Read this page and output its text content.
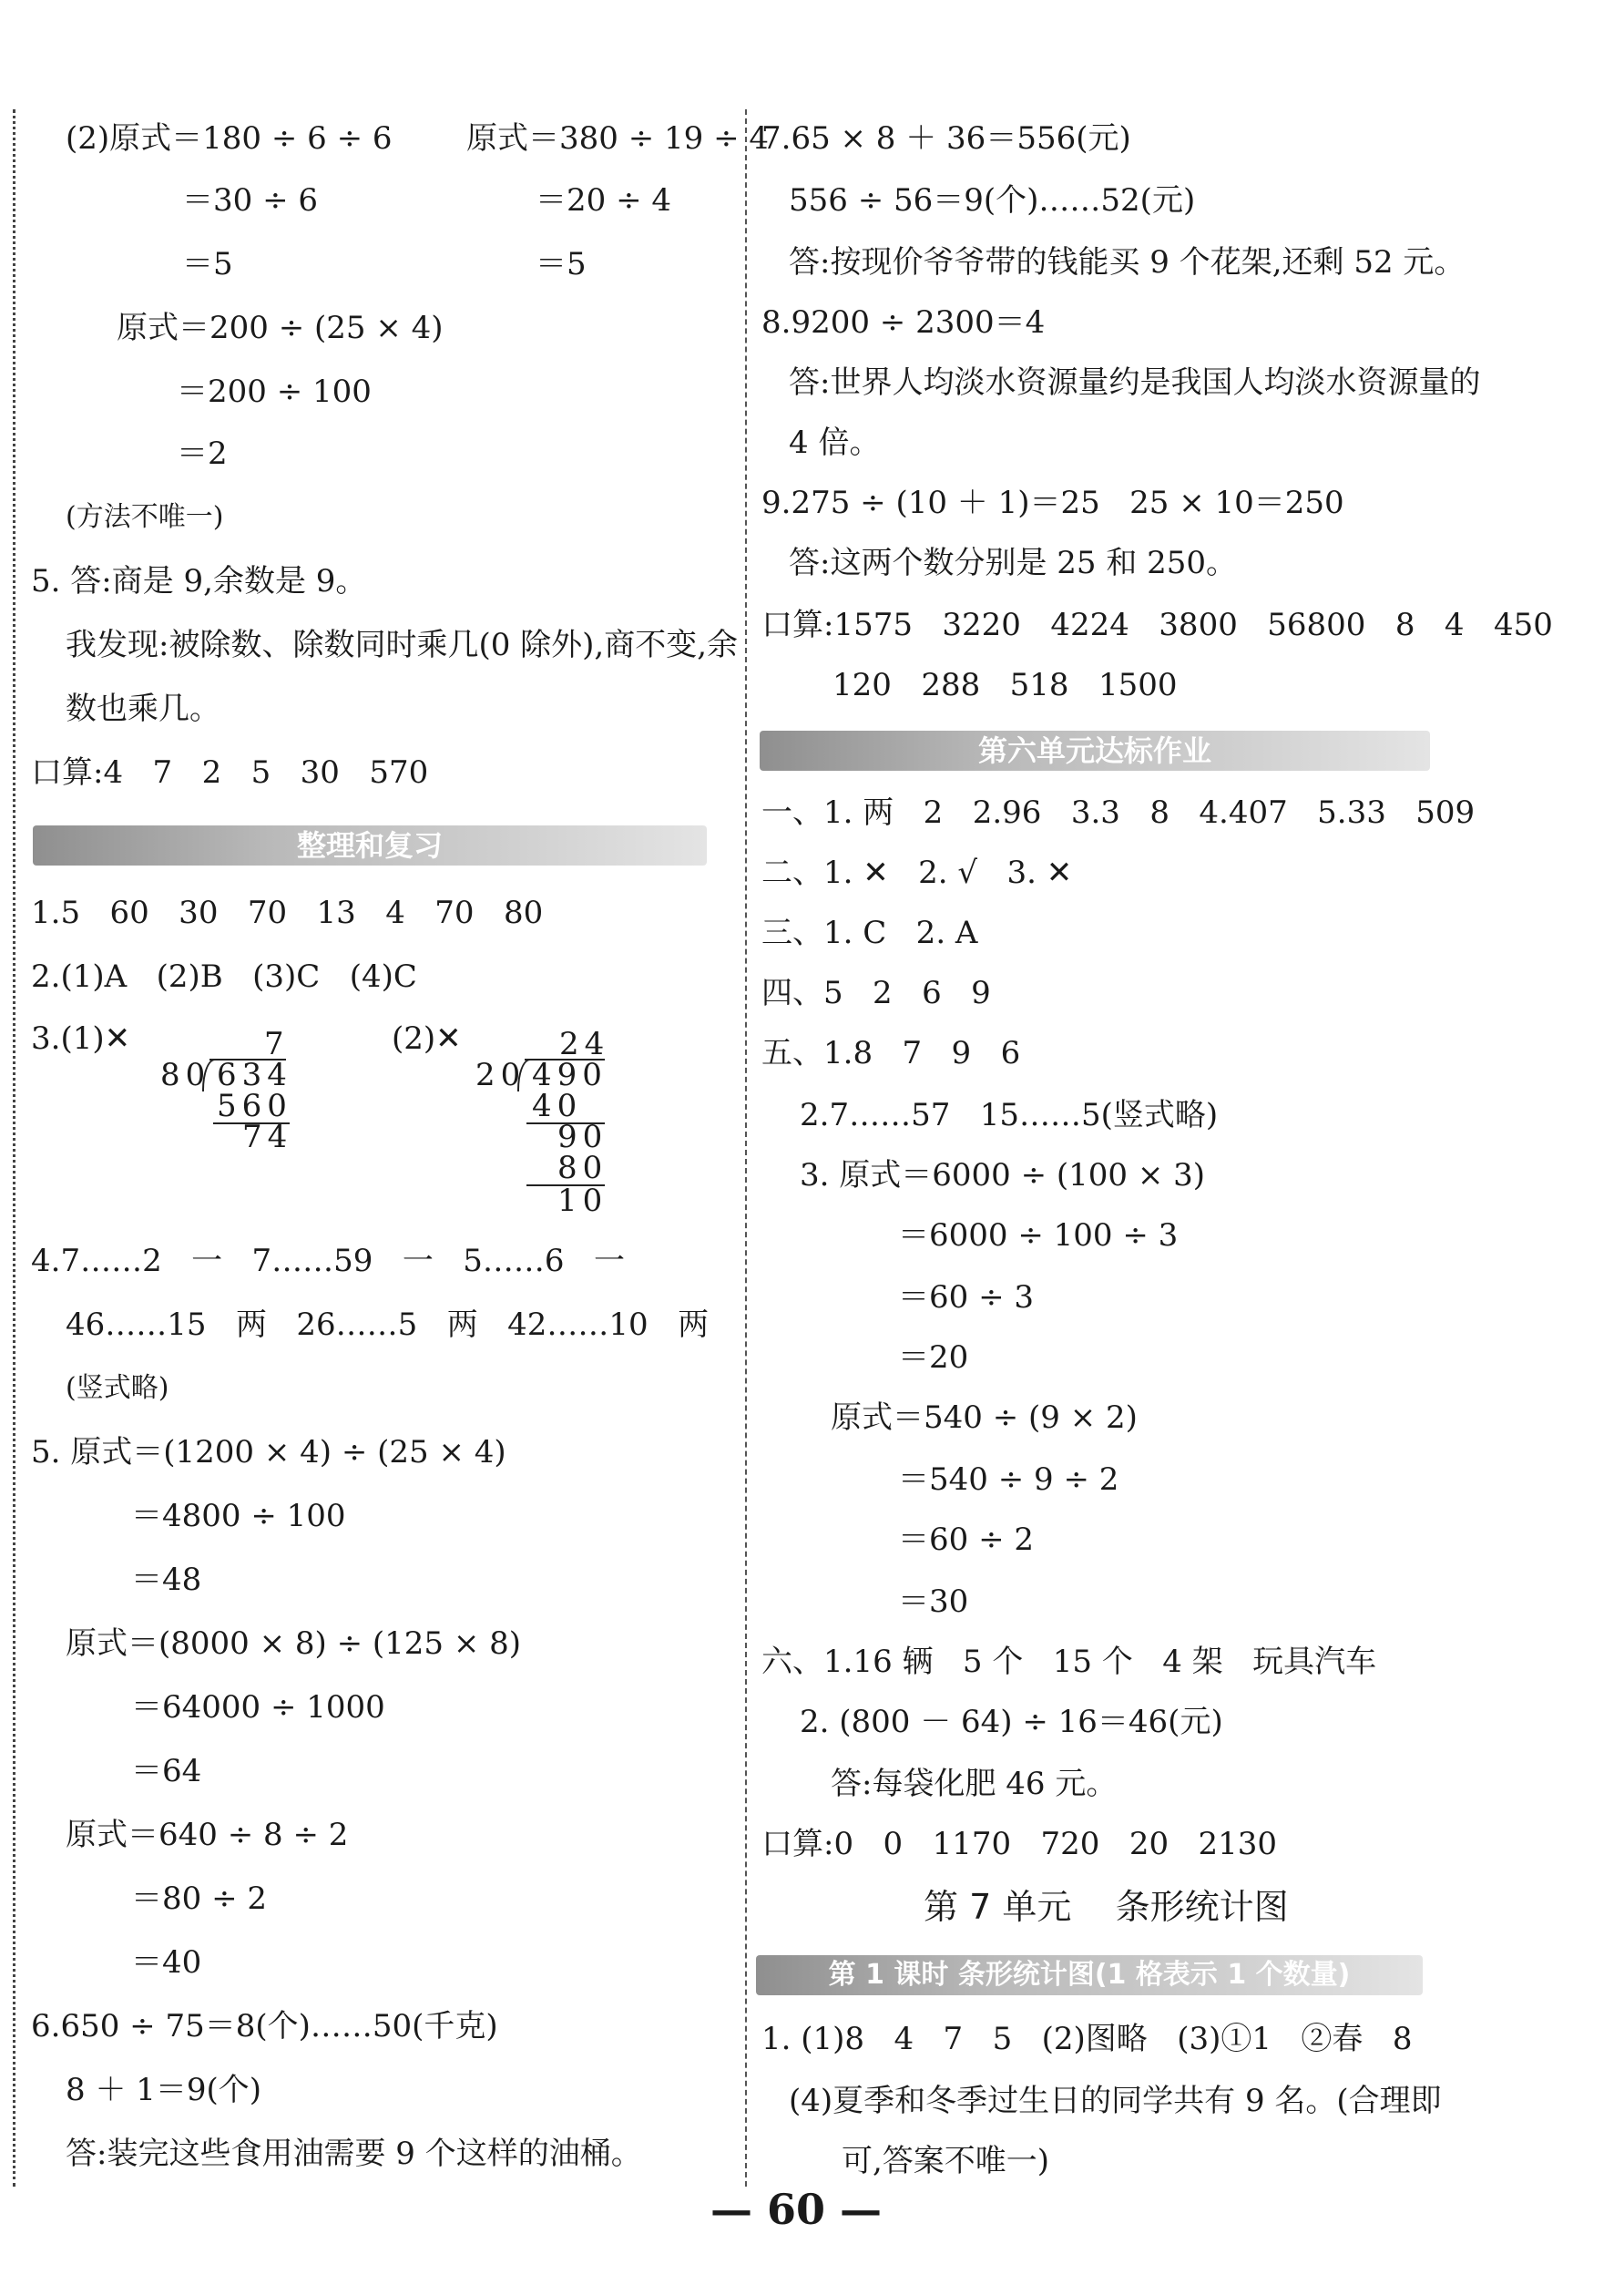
(2)原式＝180 ÷ 6 ÷ 6 原式＝380 ÷ 19 ÷ 4
＝30 ÷ 6	＝20 ÷ 4
＝5	＝5
原式＝200 ÷ (25 × 4)
＝200 ÷ 100
＝2
(方法不唯一)
5. 答:商是 9,余数是 9。
我发现:被除数、除数同时乘几(0 除外),商不变,余
数也乘几。
口算:4   7   2   5   30   570
整理和复习
1.5   60   30   70   13   4   70   80
2.(1)A   (2)B   (3)C   (4)C
3.(1)✕	(2)✕
7
80 634
560
74
24
20 490
40
90
80
10
4.7……2   一   7……59   一   5……6   一
46……15   两   26……5   两   42……10   两
(竖式略)
5. 原式＝(1200 × 4) ÷ (25 × 4)
＝4800 ÷ 100
＝48
原式＝(8000 × 8) ÷ (125 × 8)
＝64000 ÷ 1000
＝64
原式＝640 ÷ 8 ÷ 2
＝80 ÷ 2
＝40
6.650 ÷ 75＝8(个)……50(千克)
8 ＋ 1＝9(个)
答:装完这些食用油需要 9 个这样的油桶。
7.65 × 8 ＋ 36＝556(元)
556 ÷ 56＝9(个)……52(元)
答:按现价爷爷带的钱能买 9 个花架,还剩 52 元。
8.9200 ÷ 2300＝4
答:世界人均淡水资源量约是我国人均淡水资源量的
4 倍。
9.275 ÷ (10 ＋ 1)＝25   25 × 10＝250
答:这两个数分别是 25 和 250。
口算:1575   3220   4224   3800   56800   8   4   450
120   288   518   1500
第六单元达标作业
一、1. 两   2   2.96   3.3   8   4.407   5.33   509
二、1. ✕   2. √   3. ✕
三、1. C   2. A
四、5   2   6   9
五、1.8   7   9   6
2.7……57   15……5(竖式略)
3. 原式＝6000 ÷ (100 × 3)
＝6000 ÷ 100 ÷ 3
＝60 ÷ 3
＝20
原式＝540 ÷ (9 × 2)
＝540 ÷ 9 ÷ 2
＝60 ÷ 2
＝30
六、1.16 辆   5 个   15 个   4 架   玩具汽车
2. (800 － 64) ÷ 16＝46(元)
答:每袋化肥 46 元。
口算:0   0   1170   720   20   2130
第 7 单元    条形统计图
第 1 课时 条形统计图(1 格表示 1 个数量)
1. (1)8   4   7   5   (2)图略   (3)①1   ②春   8
(4)夏季和冬季过生日的同学共有 9 名。(合理即
可,答案不唯一)
— 60 —
